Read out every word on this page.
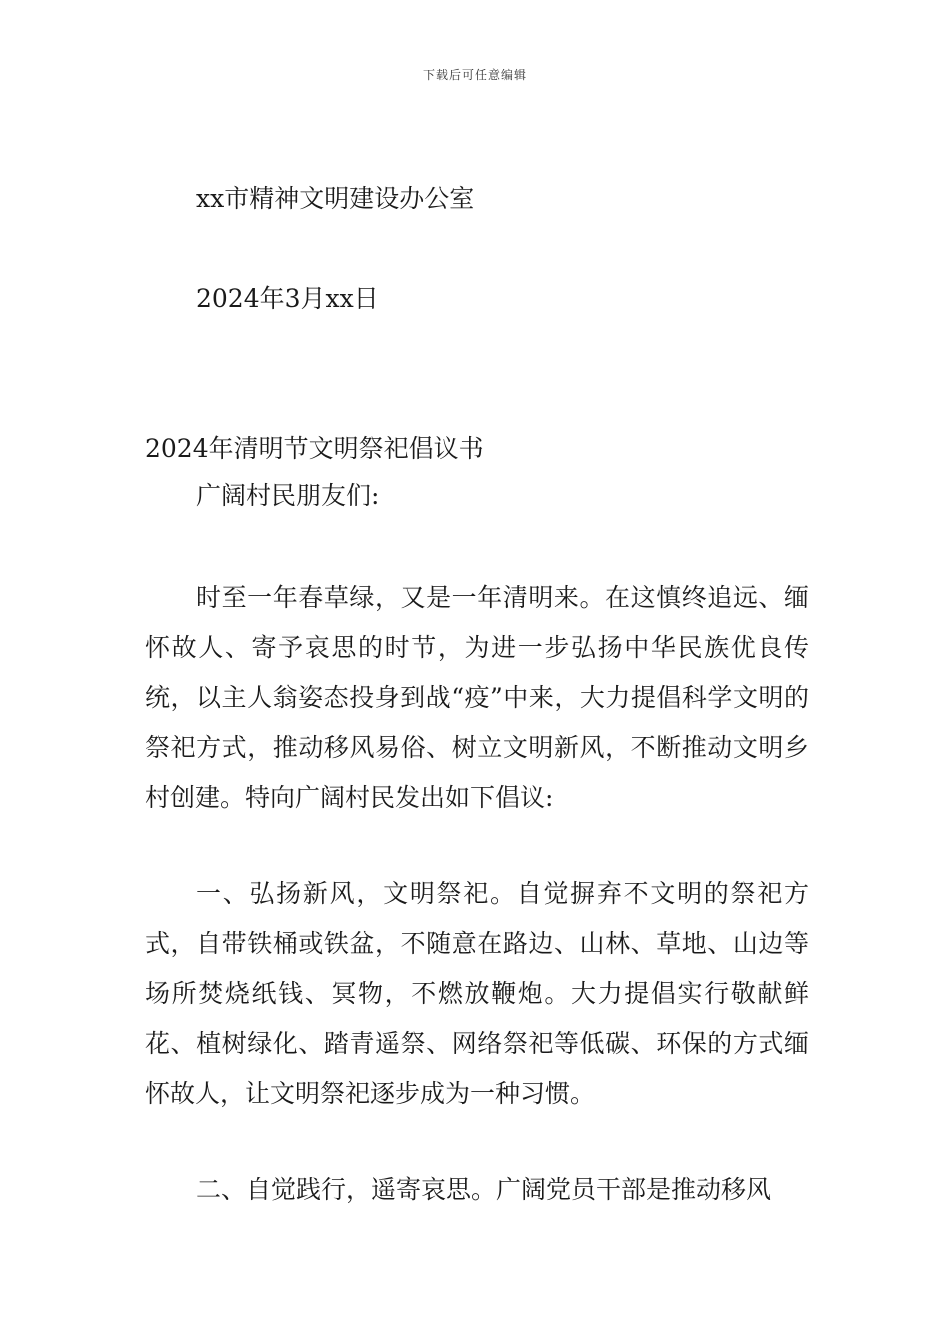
下载后可任意编辑
xx市精神文明建设办公室
2024年3月xx日
2024年清明节文明祭祀倡议书
广阔村民朋友们:

时至一年春草绿，又是一年清明来。在这慎终追远、缅怀故人、寄予哀思的时节，为进一步弘扬中华民族优良传统，以主人翁姿态投身到战“疫”中来，大力提倡科学文明的祭祀方式，推动移风易俗、树立文明新风，不断推动文明乡村创建。特向广阔村民发出如下倡议:

一、弘扬新风，文明祭祀。自觉摒弃不文明的祭祀方式，自带铁桶或铁盆，不随意在路边、山林、草地、山边等场所焚烧纸钱、冥物，不燃放鞭炮。大力提倡实行敬献鲜花、植树绿化、踏青遥祭、网络祭祀等低碳、环保的方式缅怀故人，让文明祭祀逐步成为一种习惯。

二、自觉践行，遥寄哀思。广阔党员干部是推动移风
